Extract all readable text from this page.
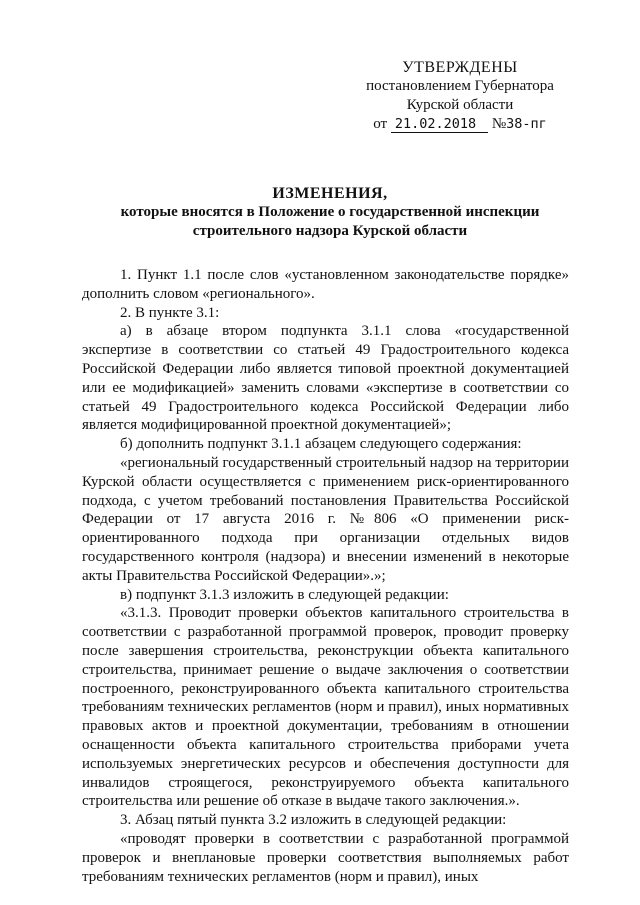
УТВЕРЖДЕНЫ
постановлением Губернатора
Курской области
от 21.02.2018 №38-пг
ИЗМЕНЕНИЯ,
которые вносятся в Положение о государственной инспекции
строительного надзора Курской области

1. Пункт 1.1 после слов «установленном законодательстве порядке» дополнить словом «регионального».

2. В пункте 3.1:

а) в абзаце втором подпункта 3.1.1 слова «государственной экспертизе в соответствии со статьей 49 Градостроительного кодекса Российской Федерации либо является типовой проектной документацией или ее модификацией» заменить словами «экспертизе в соответствии со статьей 49 Градостроительного кодекса Российской Федерации либо является модифицированной проектной документацией»;

б) дополнить подпункт 3.1.1 абзацем следующего содержания:

«региональный государственный строительный надзор на территории Курской области осуществляется с применением риск-ориентированного подхода, с учетом требований постановления Правительства Российской Федерации от 17 августа 2016 г. №806 «О применении риск-ориентированного подхода при организации отдельных видов государственного контроля (надзора) и внесении изменений в некоторые акты Правительства Российской Федерации».»;

в) подпункт 3.1.3 изложить в следующей редакции:

«3.1.3. Проводит проверки объектов капитального строительства в соответствии с разработанной программой проверок, проводит проверку после завершения строительства, реконструкции объекта капитального строительства, принимает решение о выдаче заключения о соответствии построенного, реконструированного объекта капитального строительства требованиям технических регламентов (норм и правил), иных нормативных правовых актов и проектной документации, требованиям в отношении оснащенности объекта капитального строительства приборами учета используемых энергетических ресурсов и обеспечения доступности для инвалидов строящегося, реконструируемого объекта капитального строительства или решение об отказе в выдаче такого заключения.».

3. Абзац пятый пункта 3.2 изложить в следующей редакции:

«проводят проверки в соответствии с разработанной программой проверок и внеплановые проверки соответствия выполняемых работ требованиям технических регламентов (норм и правил), иных
